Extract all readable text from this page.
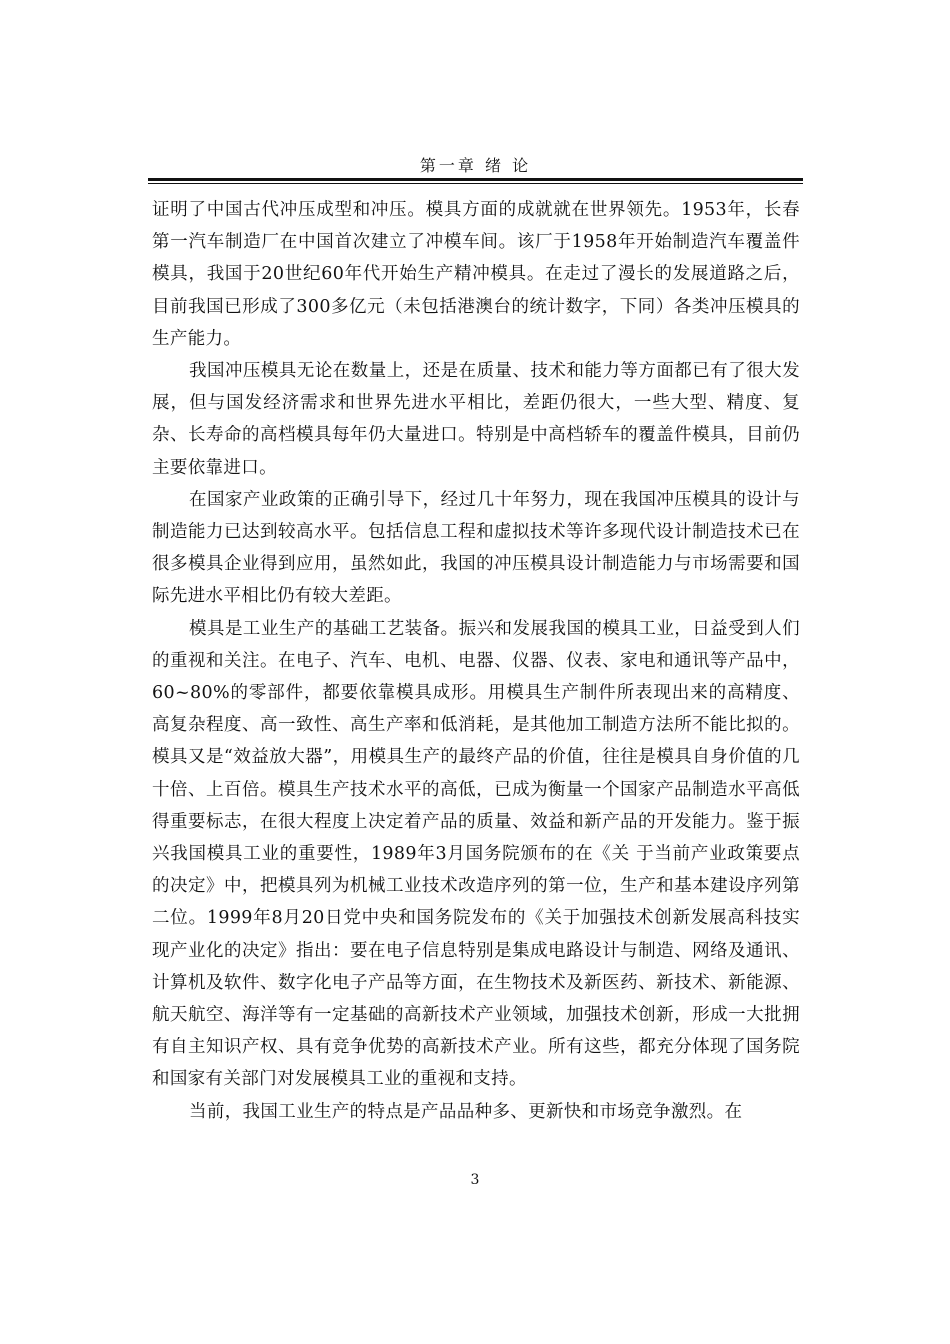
第一章 绪 论

证明了中国古代冲压成型和冲压。模具方面的成就就在世界领先。1953年，长春第一汽车制造厂在中国首次建立了冲模车间。该厂于1958年开始制造汽车覆盖件模具，我国于20世纪60年代开始生产精冲模具。在走过了漫长的发展道路之后，目前我国已形成了300多亿元（未包括港澳台的统计数字，下同）各类冲压模具的生产能力。

我国冲压模具无论在数量上，还是在质量、技术和能力等方面都已有了很大发展，但与国发经济需求和世界先进水平相比，差距仍很大，一些大型、精度、复杂、长寿命的高档模具每年仍大量进口。特别是中高档轿车的覆盖件模具，目前仍主要依靠进口。

在国家产业政策的正确引导下，经过几十年努力，现在我国冲压模具的设计与制造能力已达到较高水平。包括信息工程和虚拟技术等许多现代设计制造技术已在很多模具企业得到应用，虽然如此，我国的冲压模具设计制造能力与市场需要和国际先进水平相比仍有较大差距。

模具是工业生产的基础工艺装备。振兴和发展我国的模具工业，日益受到人们的重视和关注。在电子、汽车、电机、电器、仪器、仪表、家电和通讯等产品中，60~80%的零部件，都要依靠模具成形。用模具生产制件所表现出来的高精度、高复杂程度、高一致性、高生产率和低消耗，是其他加工制造方法所不能比拟的。模具又是“效益放大器”，用模具生产的最终产品的价值，往往是模具自身价值的几十倍、上百倍。模具生产技术水平的高低，已成为衡量一个国家产品制造水平高低得重要标志，在很大程度上决定着产品的质量、效益和新产品的开发能力。鉴于振兴我国模具工业的重要性，1989年3月国务院颁布的在《关 于当前产业政策要点的决定》中，把模具列为机械工业技术改造序列的第一位，生产和基本建设序列第二位。1999年8月20日党中央和国务院发布的《关于加强技术创新发展高科技实现产业化的决定》指出：要在电子信息特别是集成电路设计与制造、网络及通讯、计算机及软件、数字化电子产品等方面，在生物技术及新医药、新技术、新能源、航天航空、海洋等有一定基础的高新技术产业领域，加强技术创新，形成一大批拥有自主知识产权、具有竞争优势的高新技术产业。所有这些，都充分体现了国务院和国家有关部门对发展模具工业的重视和支持。

当前，我国工业生产的特点是产品品种多、更新快和市场竞争激烈。在

3
